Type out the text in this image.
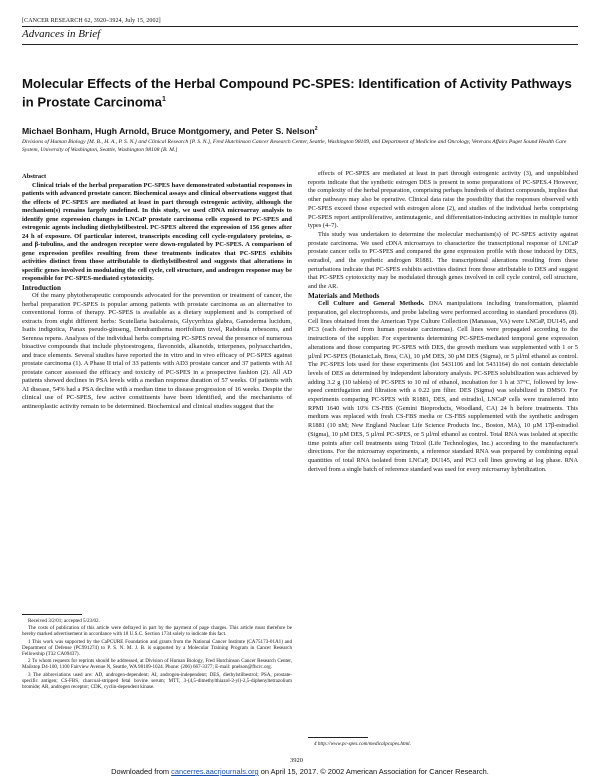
[CANCER RESEARCH 62, 3920–3924, July 15, 2002]
Advances in Brief
Molecular Effects of the Herbal Compound PC-SPES: Identification of Activity Pathways in Prostate Carcinoma$^1$
Michael Bonham, Hugh Arnold, Bruce Montgomery, and Peter S. Nelson$^2$
Divisions of Human Biology [M. B., H. A., P. S. N.] and Clinical Research [P. S. N.], Fred Hutchinson Cancer Research Center, Seattle, Washington 98109, and Department of Medicine and Oncology, Veterans Affairs Puget Sound Health Care System, University of Washington, Seattle, Washington 98108 [B. M.]

Abstract

Clinical trials of the herbal preparation PC-SPES have demonstrated substantial responses in patients with advanced prostate cancer. Biochemical assays and clinical observations suggest that the effects of PC-SPES are mediated at least in part through estrogenic activity, although the mechanism(s) remains largely undefined. In this study, we used cDNA microarray analysis to identify gene expression changes in LNCaP prostate carcinoma cells exposed to PC-SPES and estrogenic agents including diethylstilbestrol. PC-SPES altered the expression of 156 genes after 24 h of exposure. Of particular interest, transcripts encoding cell cycle-regulatory proteins, α- and β-tubulins, and the androgen receptor were down-regulated by PC-SPES. A comparison of gene expression profiles resulting from these treatments indicates that PC-SPES exhibits activities distinct from those attributable to diethylstilbestrol and suggests that alterations in specific genes involved in modulating the cell cycle, cell structure, and androgen response may be responsible for PC-SPES-mediated cytotoxicity.

Introduction

Of the many phytotherapeutic compounds advocated for the prevention or treatment of cancer, the herbal preparation PC-SPES is popular among patients with prostate carcinoma as an alternative to conventional forms of therapy. PC-SPES is available as a dietary supplement and is comprised of extracts from eight different herbs: Scutellaria baicalensis, Glycyrrhiza glabra, Ganoderma lucidum, Isatis indigotica, Panax pseudo-ginseng, Dendranthema morifolium tzvel, Rabdosia rebescens, and Serenoa repens. Analyses of the individual herbs comprising PC-SPES reveal the presence of numerous bioactive compounds that include phytoestrogens, flavonoids, alkanoids, triterpenes, polysaccharides, and trace elements. Several studies have reported the in vitro and in vivo efficacy of PC-SPES against prostate carcinoma (1). A Phase II trial of 33 patients with AD3 prostate cancer and 37 patients with AI prostate cancer assessed the efficacy and toxicity of PC-SPES in a prospective fashion (2). All AD patients showed declines in PSA levels with a median response duration of 57 weeks. Of patients with AI disease, 54% had a PSA decline with a median time to disease progression of 16 weeks. Despite the clinical use of PC-SPES, few active constituents have been identified, and the mechanisms of antineoplastic activity remain to be determined. Biochemical and clinical studies suggest that the

Received 3/2/01; accepted 5/23/02.

The costs of publication of this article were defrayed in part by the payment of page charges. This article must therefore be hereby marked advertisement in accordance with 18 U.S.C. Section 1734 solely to indicate this fact.

1 This work was supported by the CaPCURE Foundation and grants from the National Cancer Institute (CA75173-01A1) and Department of Defense (PC991274) to P. S. N. M. J. B. is supported by a Molecular Training Program in Cancer Research Fellowship (T32 CA09437).

2 To whom requests for reprints should be addressed, at Division of Human Biology, Fred Hutchinson Cancer Research Center, Mailstop D4-100, 1100 Fairview Avenue N, Seattle, WA 98109-1024. Phone: (206) 667-3377; E-mail: pnelson@fhcrc.org.

3 The abbreviations used are: AD, androgen-dependent; AI, androgen-independent; DES, diethylstilbestrol; PSA, prostate-specific antigen; CS-FBS, charcoal-stripped fetal bovine serum; MTT, 3-(4,5-dimethylthiazol-2-yl)-2,5-diphenyltetrazolium bromide; AR, androgen receptor; CDK, cyclin-dependent kinase.

effects of PC-SPES are mediated at least in part through estrogenic activity (3), and unpublished reports indicate that the synthetic estrogen DES is present in some preparations of PC-SPES.4 However, the complexity of the herbal preparation, comprising perhaps hundreds of distinct compounds, implies that other pathways may also be operative. Clinical data raise the possibility that the responses observed with PC-SPES exceed those expected with estrogen alone (2), and studies of the individual herbs comprising PC-SPES report antiproliferative, antimutagenic, and differentiation-inducing activities in multiple tumor types (4–7).

This study was undertaken to determine the molecular mechanism(s) of PC-SPES activity against prostate carcinoma. We used cDNA microarrays to characterize the transcriptional response of LNCaP prostate cancer cells to PC-SPES and compared the gene expression profile with those induced by DES, estradiol, and the synthetic androgen R1881. The transcriptional alterations resulting from these perturbations indicate that PC-SPES exhibits activities distinct from those attributable to DES and suggest that PC-SPES cytotoxicity may be modulated through genes involved in cell cycle control, cell structure, and the AR.

Materials and Methods

Cell Culture and General Methods. DNA manipulations including transformation, plasmid preparation, gel electrophoresis, and probe labeling were performed according to standard procedures (8). Cell lines obtained from the American Type Culture Collection (Manassas, VA) were LNCaP, DU145, and PC3 (each derived from human prostate carcinomas). Cell lines were propagated according to the instructions of the supplier. For experiments determining PC-SPES-mediated temporal gene expression alterations and those comparing PC-SPES with DES, the growth medium was supplemented with 1 or 5 µl/ml PC-SPES (BotanicLab, Brea, CA), 10 µM DES, 30 µM DES (Sigma), or 5 µl/ml ethanol as control. The PC-SPES lots used for these experiments (lot 5431106 and lot 5431164) do not contain detectable levels of DES as determined by independent laboratory analysis. PC-SPES solubilization was achieved by adding 3.2 g (10 tablets) of PC-SPES to 10 ml of ethanol, incubation for 1 h at 37°C, followed by low-speed centrifugation and filtration with a 0.22 µm filter. DES (Sigma) was solubilized in DMSO. For experiments comparing PC-SPES with R1881, DES, and estradiol, LNCaP cells were transferred into RPMI 1640 with 10% CS-FBS (Gemini Bioproducts, Woodland, CA) 24 h before treatments. This medium was replaced with fresh CS-FBS media or CS-FBS supplemented with the synthetic androgen R1881 (10 nM; New England Nuclear Life Science Products Inc., Boston, MA), 10 µM 17β-estradiol (Sigma), 10 µM DES, 5 µl/ml PC-SPES, or 5 µl/ml ethanol as control. Total RNA was isolated at specific time points after cell treatments using Trizol (Life Technologies, Inc.) according to the manufacturer's directions. For the microarray experiments, a reference standard RNA was prepared by combining equal quantities of total RNA isolated from LNCaP, DU145, and PC3 cell lines growing at log phase. RNA derived from a single batch of reference standard was used for every microarray hybridization.

4 http://www.pc-spes.com/medicalpcspes.html.
3920
Downloaded from cancerres.aacrjournals.org on April 15, 2017. © 2002 American Association for Cancer Research.
